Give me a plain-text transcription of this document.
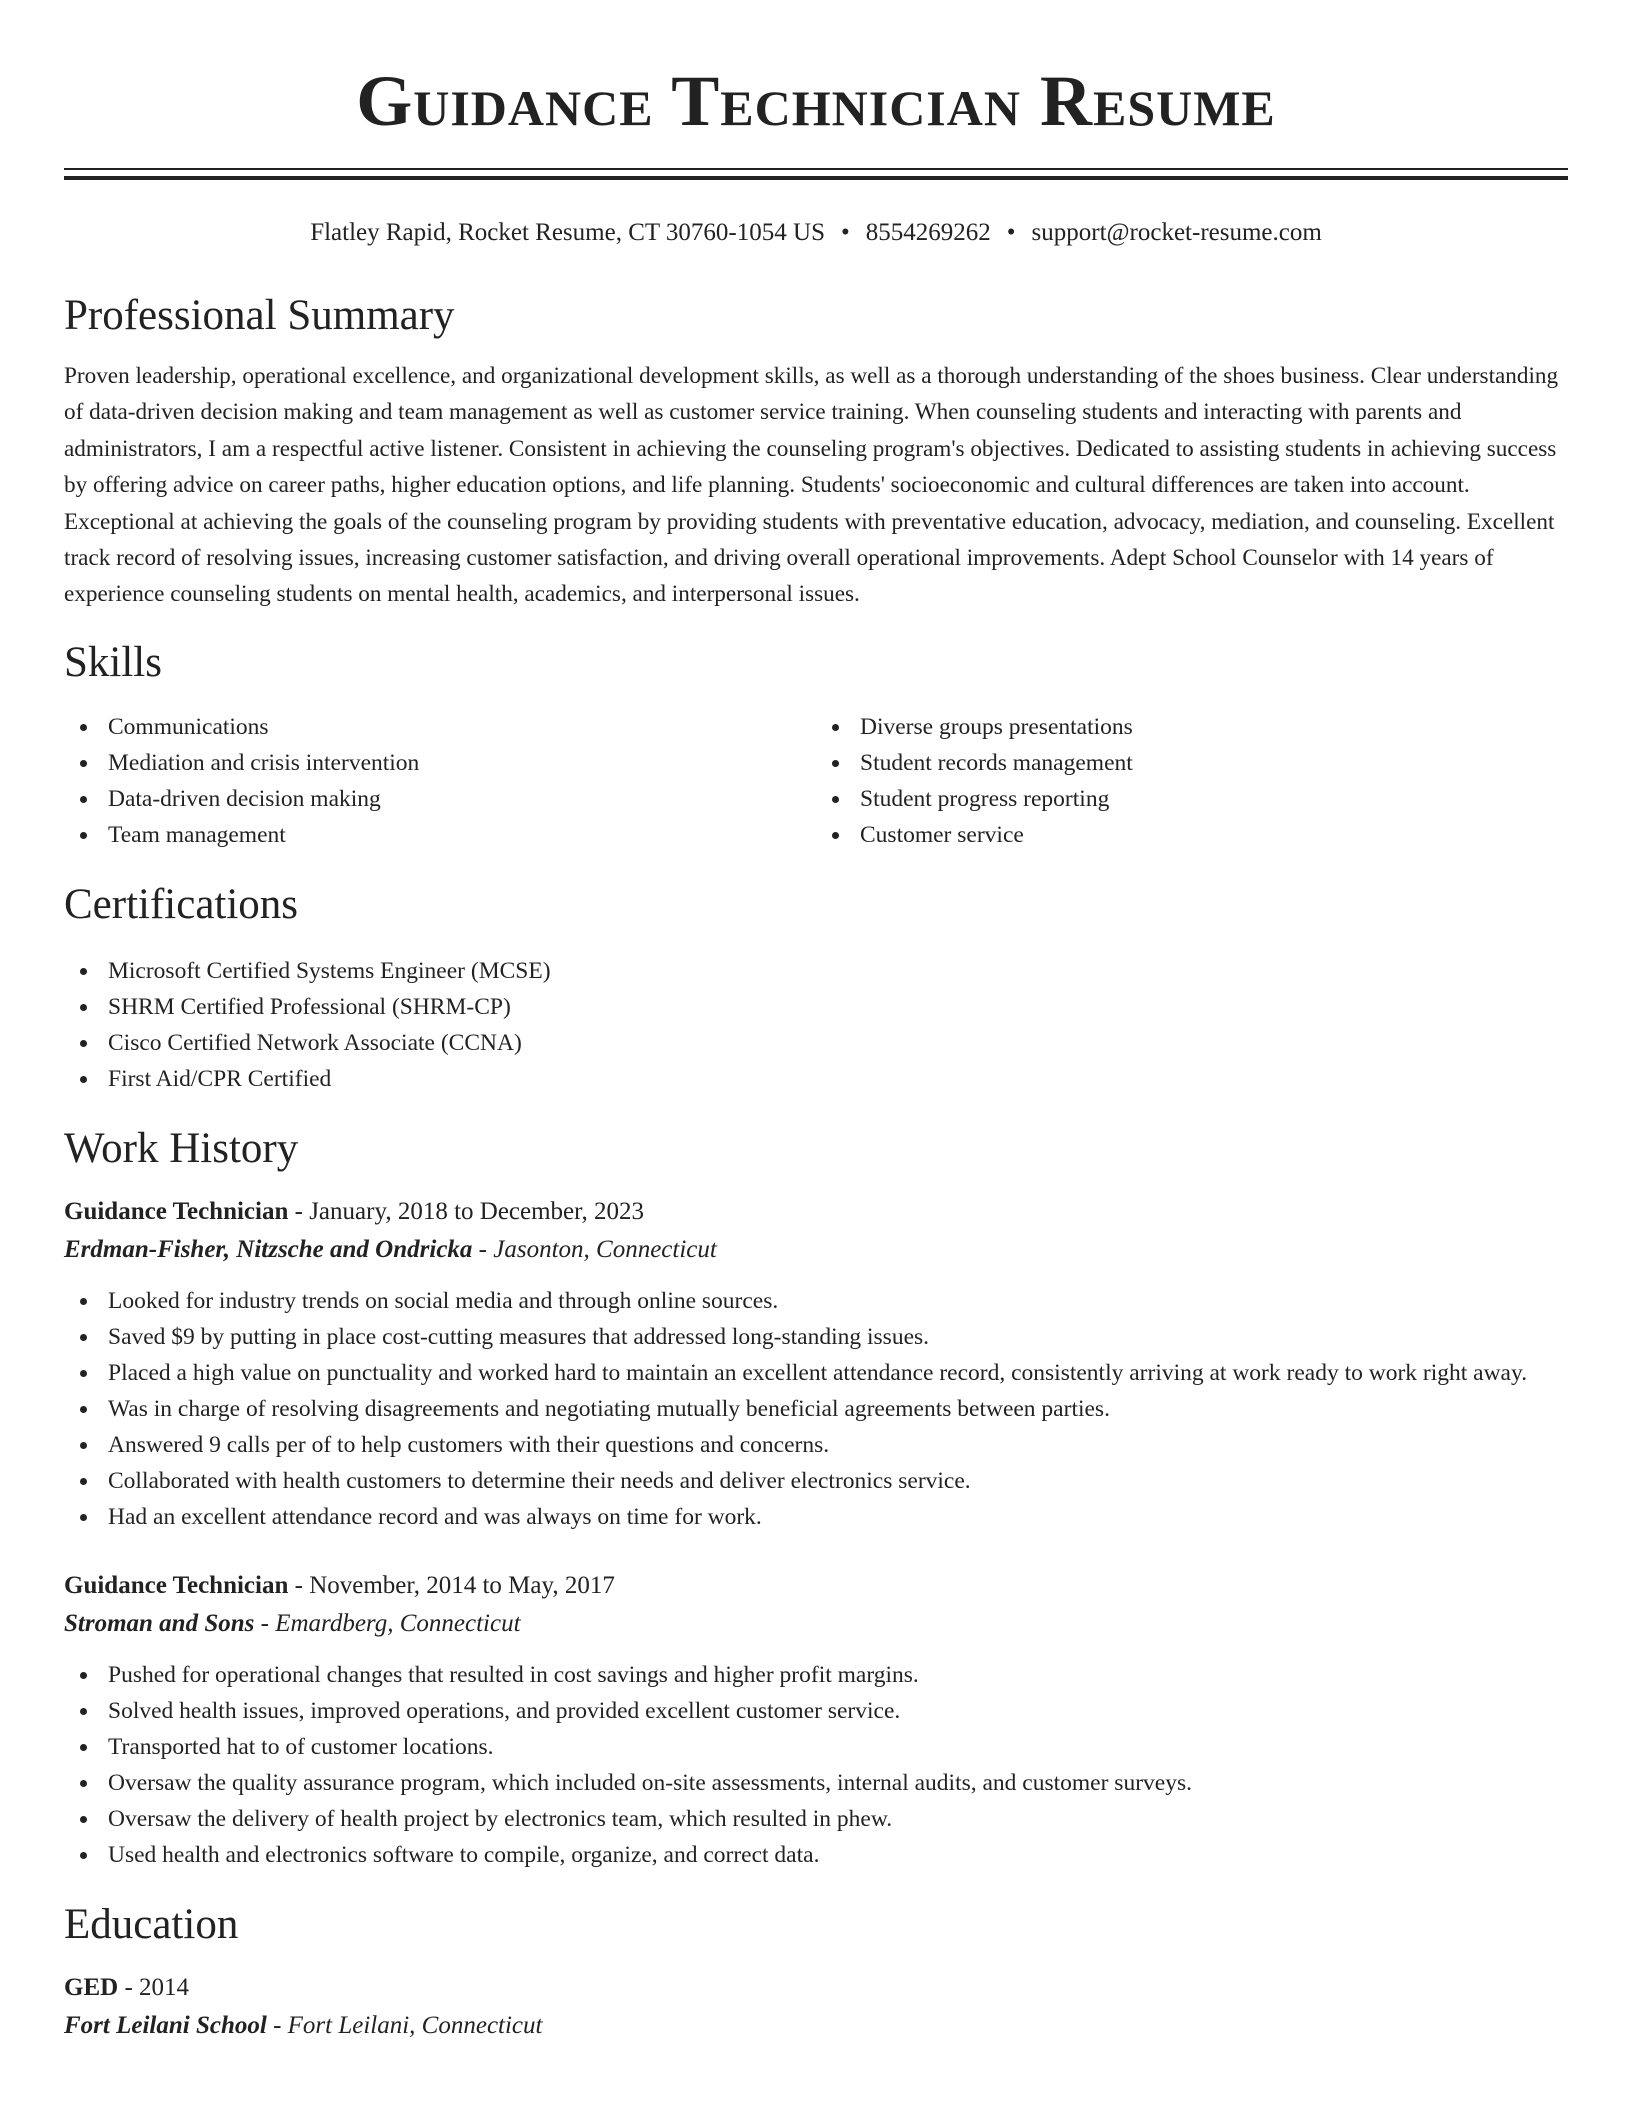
Guidance Technician Resume
Flatley Rapid, Rocket Resume, CT 30760-1054 US • 8554269262 • support@rocket-resume.com
Professional Summary

Proven leadership, operational excellence, and organizational development skills, as well as a thorough understanding of the shoes business. Clear understanding of data-driven decision making and team management as well as customer service training. When counseling students and interacting with parents and administrators, I am a respectful active listener. Consistent in achieving the counseling program's objectives. Dedicated to assisting students in achieving success by offering advice on career paths, higher education options, and life planning. Students' socioeconomic and cultural differences are taken into account. Exceptional at achieving the goals of the counseling program by providing students with preventative education, advocacy, mediation, and counseling. Excellent track record of resolving issues, increasing customer satisfaction, and driving overall operational improvements. Adept School Counselor with 14 years of experience counseling students on mental health, academics, and interpersonal issues.

Skills
Communications
Mediation and crisis intervention
Data-driven decision making
Team management
Diverse groups presentations
Student records management
Student progress reporting
Customer service
Certifications
Microsoft Certified Systems Engineer (MCSE)
SHRM Certified Professional (SHRM-CP)
Cisco Certified Network Associate (CCNA)
First Aid/CPR Certified
Work History
Guidance Technician - January, 2018 to December, 2023
Erdman-Fisher, Nitzsche and Ondricka - Jasonton, Connecticut
Looked for industry trends on social media and through online sources.
Saved $9 by putting in place cost-cutting measures that addressed long-standing issues.
Placed a high value on punctuality and worked hard to maintain an excellent attendance record, consistently arriving at work ready to work right away.
Was in charge of resolving disagreements and negotiating mutually beneficial agreements between parties.
Answered 9 calls per of to help customers with their questions and concerns.
Collaborated with health customers to determine their needs and deliver electronics service.
Had an excellent attendance record and was always on time for work.
Guidance Technician - November, 2014 to May, 2017
Stroman and Sons - Emardberg, Connecticut
Pushed for operational changes that resulted in cost savings and higher profit margins.
Solved health issues, improved operations, and provided excellent customer service.
Transported hat to of customer locations.
Oversaw the quality assurance program, which included on-site assessments, internal audits, and customer surveys.
Oversaw the delivery of health project by electronics team, which resulted in phew.
Used health and electronics software to compile, organize, and correct data.
Education
GED - 2014
Fort Leilani School - Fort Leilani, Connecticut
